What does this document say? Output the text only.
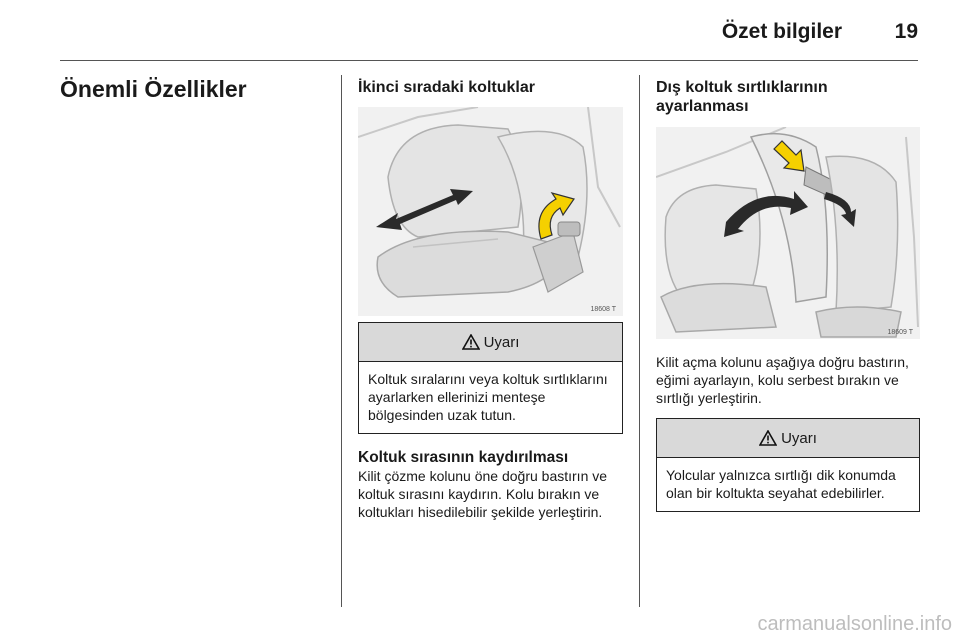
Özet bilgiler	19
Önemli Özellikler	İkinci sıradaki koltuklar
18608 T
Uyarı
Koltuk sıralarını veya koltuk sırtlıklarını ayarlarken ellerinizi menteşe bölgesinden uzak tutun.

Koltuk sırasının kaydırılması

Kilit çözme kolunu öne doğru bastırın ve koltuk sırasını kaydırın. Kolu bırakın ve koltukları hisedilebilir şekilde yerleştirin.

Dış koltuk sırtlıklarının ayarlanması
18609 T

Kilit açma kolunu aşağıya doğru bastırın, eğimi ayarlayın, kolu serbest bırakın ve sırtlığı yerleştirin.

Uyarı
Yolcular yalnızca sırtlığı dik konumda olan bir koltukta seyahat edebilirler.
carmanualsonline.info
